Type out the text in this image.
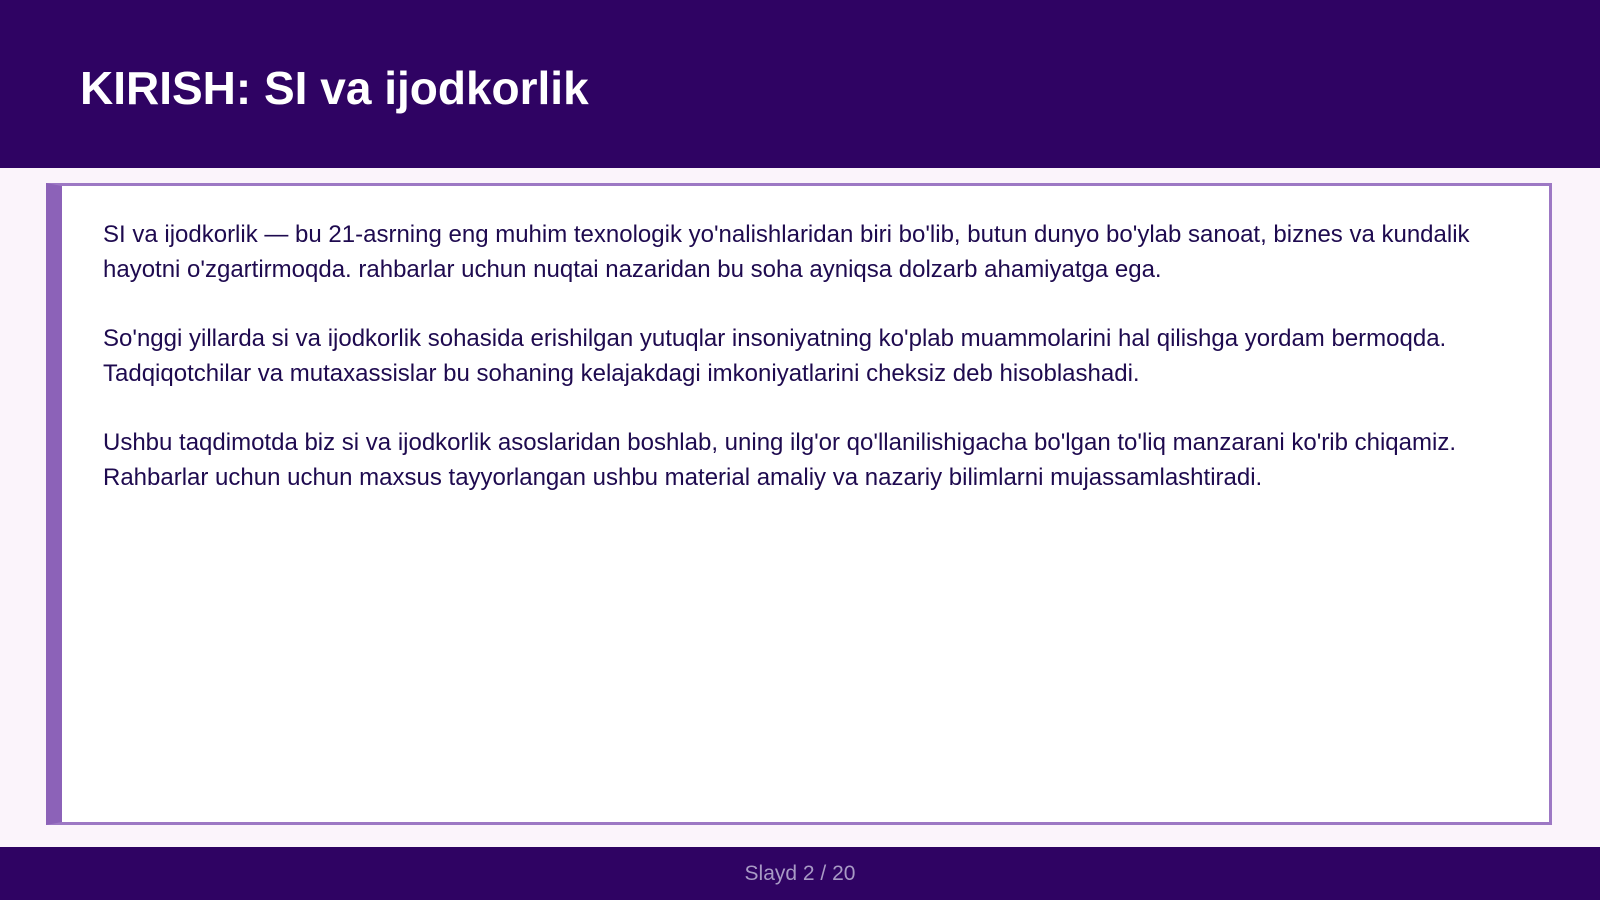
KIRISH: SI va ijodkorlik

SI va ijodkorlik — bu 21-asrning eng muhim texnologik yo'nalishlaridan biri bo'lib, butun dunyo bo'ylab sanoat, biznes va kundalik hayotni o'zgartirmoqda. rahbarlar uchun nuqtai nazaridan bu soha ayniqsa dolzarb ahamiyatga ega.

So'nggi yillarda si va ijodkorlik sohasida erishilgan yutuqlar insoniyatning ko'plab muammolarini hal qilishga yordam bermoqda. Tadqiqotchilar va mutaxassislar bu sohaning kelajakdagi imkoniyatlarini cheksiz deb hisoblashadi.

Ushbu taqdimotda biz si va ijodkorlik asoslaridan boshlab, uning ilg'or qo'llanilishigacha bo'lgan to'liq manzarani ko'rib chiqamiz. Rahbarlar uchun uchun maxsus tayyorlangan ushbu material amaliy va nazariy bilimlarni mujassamlashtiradi.

Slayd 2 / 20
